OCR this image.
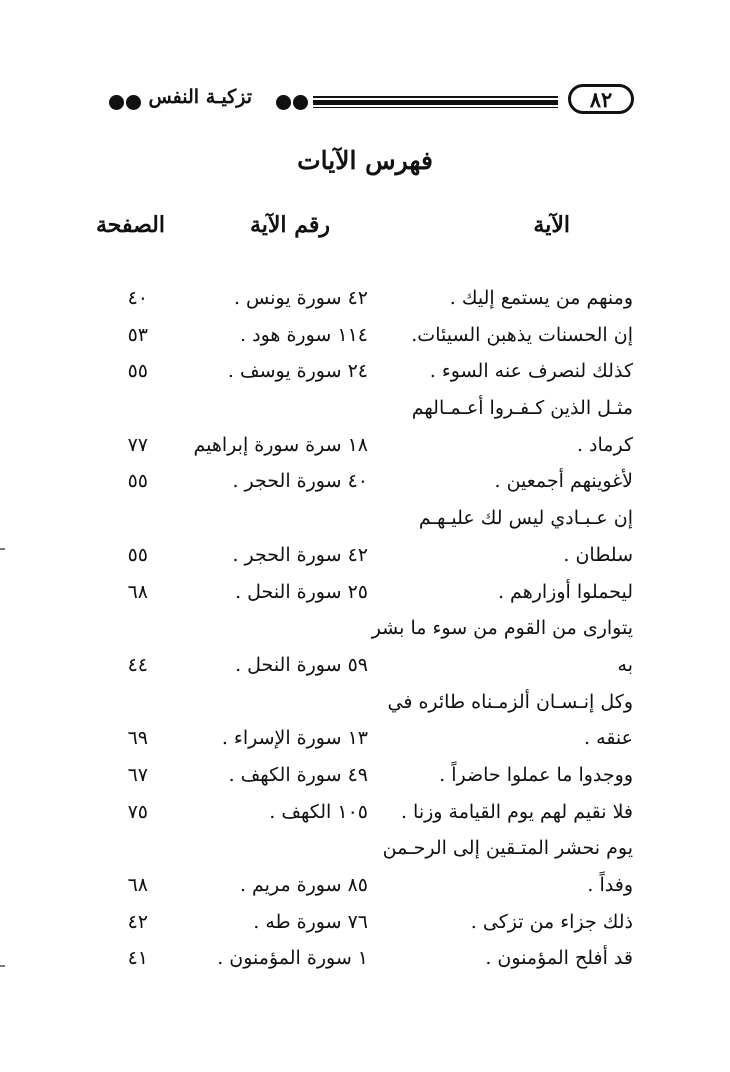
٨٢
تزكيـة النفس
فهرس الآيات
الآية
رقم الآية
الصفحة
ومنهم من يستمع إليك .
٤٢ سورة يونس .
٤٠
إن الحسنات يذهبن السيئات.
١١٤ سورة هود .
٥٣
كذلك لنصرف عنه السوء .
٢٤ سورة يوسف .
٥٥
مثـل الذين كـفـروا أعـمـالهم
كرماد .
١٨ سرة سورة إبراهيم
٧٧
لأغوينهم أجمعين .
٤٠ سورة الحجر .
٥٥
إن عـبـادي ليس لك عليـهـم
سلطان .
٤٢ سورة الحجر .
٥٥
ليحملوا أوزارهم .
٢٥ سورة النحل .
٦٨
يتوارى من القوم من سوء ما بشر
به
٥٩ سورة النحل .
٤٤
وكل إنـسـان ألزمـناه طائره في
عنقه .
١٣ سورة الإسراء .
٦٩
ووجدوا ما عملوا حاضراً .
٤٩ سورة الكهف .
٦٧
فلا نقيم لهم يوم القيامة وزنا .
١٠٥ الكهف .
٧٥
يوم نحشر المتـقين إلى الرحـمن
وفداً .
٨٥ سورة مريم .
٦٨
ذلك جزاء من تزكى .
٧٦ سورة طه .
٤٢
قد أفلح المؤمنون .
١ سورة المؤمنون .
٤١
